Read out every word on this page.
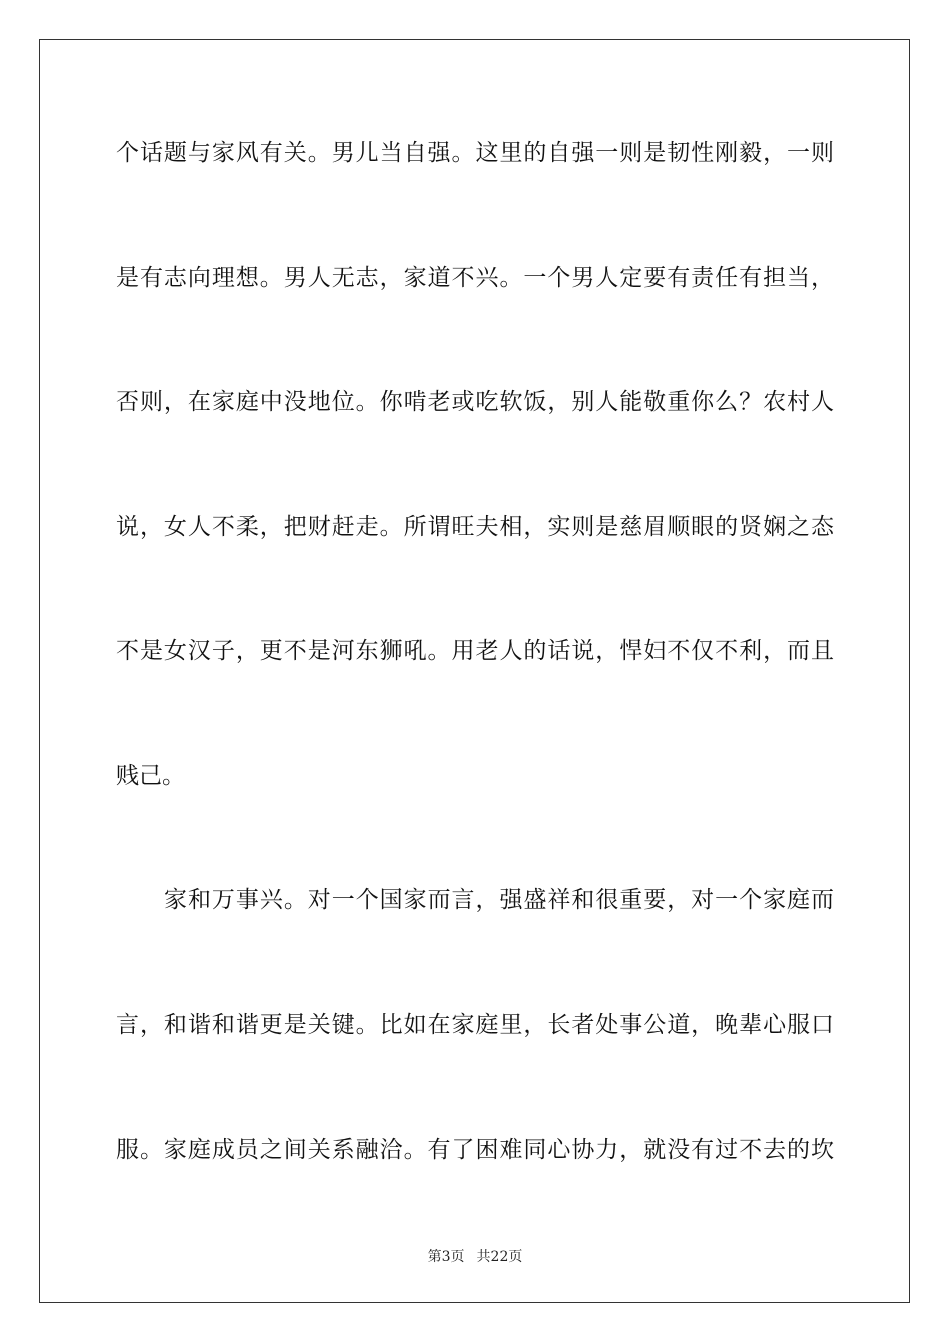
个话题与家风有关。男儿当自强。这里的自强一则是韧性刚毅，一则
是有志向理想。男人无志，家道不兴。一个男人定要有责任有担当，
否则，在家庭中没地位。你啃老或吃软饭，别人能敬重你么？农村人
说，女人不柔，把财赶走。所谓旺夫相，实则是慈眉顺眼的贤娴之态
不是女汉子，更不是河东狮吼。用老人的话说，悍妇不仅不利，而且
贱己。
家和万事兴。对一个国家而言，强盛祥和很重要，对一个家庭而
言，和谐和谐更是关键。比如在家庭里，长者处事公道，晚辈心服口
服。家庭成员之间关系融洽。有了困难同心协力，就没有过不去的坎
第3页 共22页
